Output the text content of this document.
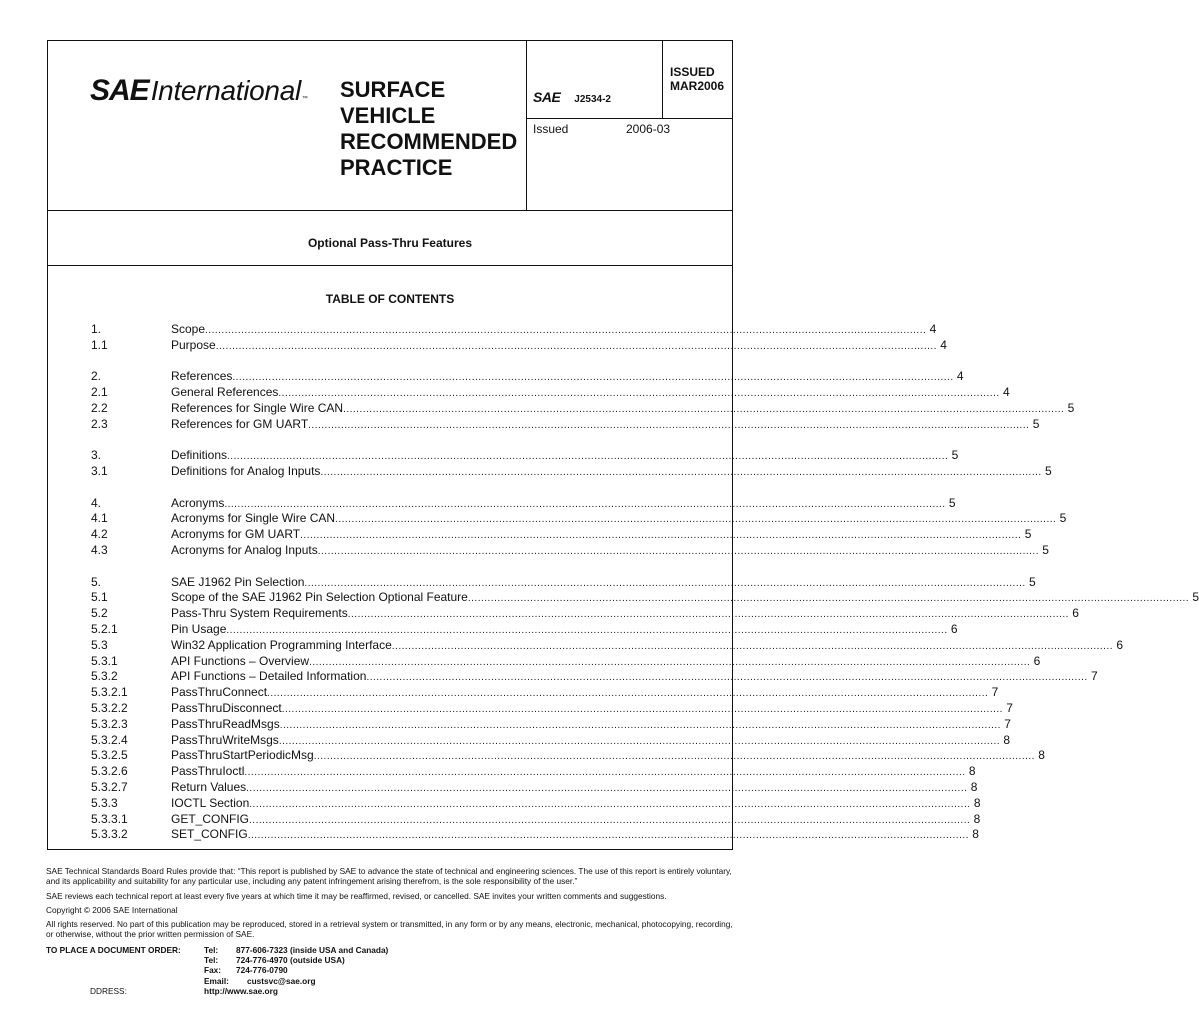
SAE International ™ SURFACE
VEHICLE
RECOMMENDED
PRACTICE
SAE J2534-2
ISSUED
MAR2006
Issued	2006-03
Optional Pass-Thru Features
TABLE OF CONTENTS
1.	Scope ............................................................................................................................................................................................................................ 4
1.1	Purpose ............................................................................................................................................................................................................................ 4
2.	References ............................................................................................................................................................................................................................ 4
2.1	General References ............................................................................................................................................................................................................................ 4
2.2	References for Single Wire CAN ............................................................................................................................................................................................................................ 5
2.3	References for GM UART ............................................................................................................................................................................................................................ 5
3.	Definitions ............................................................................................................................................................................................................................ 5
3.1	Definitions for Analog Inputs ............................................................................................................................................................................................................................ 5
4.	Acronyms ............................................................................................................................................................................................................................ 5
4.1	Acronyms for Single Wire CAN ............................................................................................................................................................................................................................ 5
4.2	Acronyms for GM UART ............................................................................................................................................................................................................................ 5
4.3	Acronyms for Analog Inputs ............................................................................................................................................................................................................................ 5
5.	SAE J1962 Pin Selection ............................................................................................................................................................................................................................ 5
5.1	Scope of the SAE J1962 Pin Selection Optional Feature ............................................................................................................................................................................................................................ 5
5.2	Pass-Thru System Requirements ............................................................................................................................................................................................................................ 6
5.2.1	Pin Usage ............................................................................................................................................................................................................................ 6
5.3	Win32 Application Programming Interface ............................................................................................................................................................................................................................ 6
5.3.1	API Functions – Overview ............................................................................................................................................................................................................................ 6
5.3.2	API Functions – Detailed Information ............................................................................................................................................................................................................................ 7
5.3.2.1	PassThruConnect ............................................................................................................................................................................................................................ 7
5.3.2.2	PassThruDisconnect ............................................................................................................................................................................................................................ 7
5.3.2.3	PassThruReadMsgs ............................................................................................................................................................................................................................ 7
5.3.2.4	PassThruWriteMsgs ............................................................................................................................................................................................................................ 8
5.3.2.5	PassThruStartPeriodicMsg ............................................................................................................................................................................................................................ 8
5.3.2.6	PassThruIoctl ............................................................................................................................................................................................................................ 8
5.3.2.7	Return Values ............................................................................................................................................................................................................................ 8
5.3.3	IOCTL Section ............................................................................................................................................................................................................................ 8
5.3.3.1	GET_CONFIG ............................................................................................................................................................................................................................ 8
5.3.3.2	SET_CONFIG ............................................................................................................................................................................................................................ 8

SAE Technical Standards Board Rules provide that: “This report is published by SAE to advance the state of technical and engineering sciences. The use of this report is entirely voluntary, and its applicability and suitability for any particular use, including any patent infringement arising therefrom, is the sole responsibility of the user.”

SAE reviews each technical report at least every five years at which time it may be reaffirmed, revised, or cancelled. SAE invites your written comments and suggestions.

Copyright © 2006 SAE International

All rights reserved. No part of this publication may be reproduced, stored in a retrieval system or transmitted, in any form or by any means, electronic, mechanical, photocopying, recording, or otherwise, without the prior written permission of SAE.

TO PLACE A DOCUMENT ORDER:	Tel: 877-606-7323 (inside USA and Canada)
Tel: 724-776-4970 (outside USA)
Fax: 724-776-0790
Email: custsvc@sae.org
DDRESS:	http://www.sae.org
